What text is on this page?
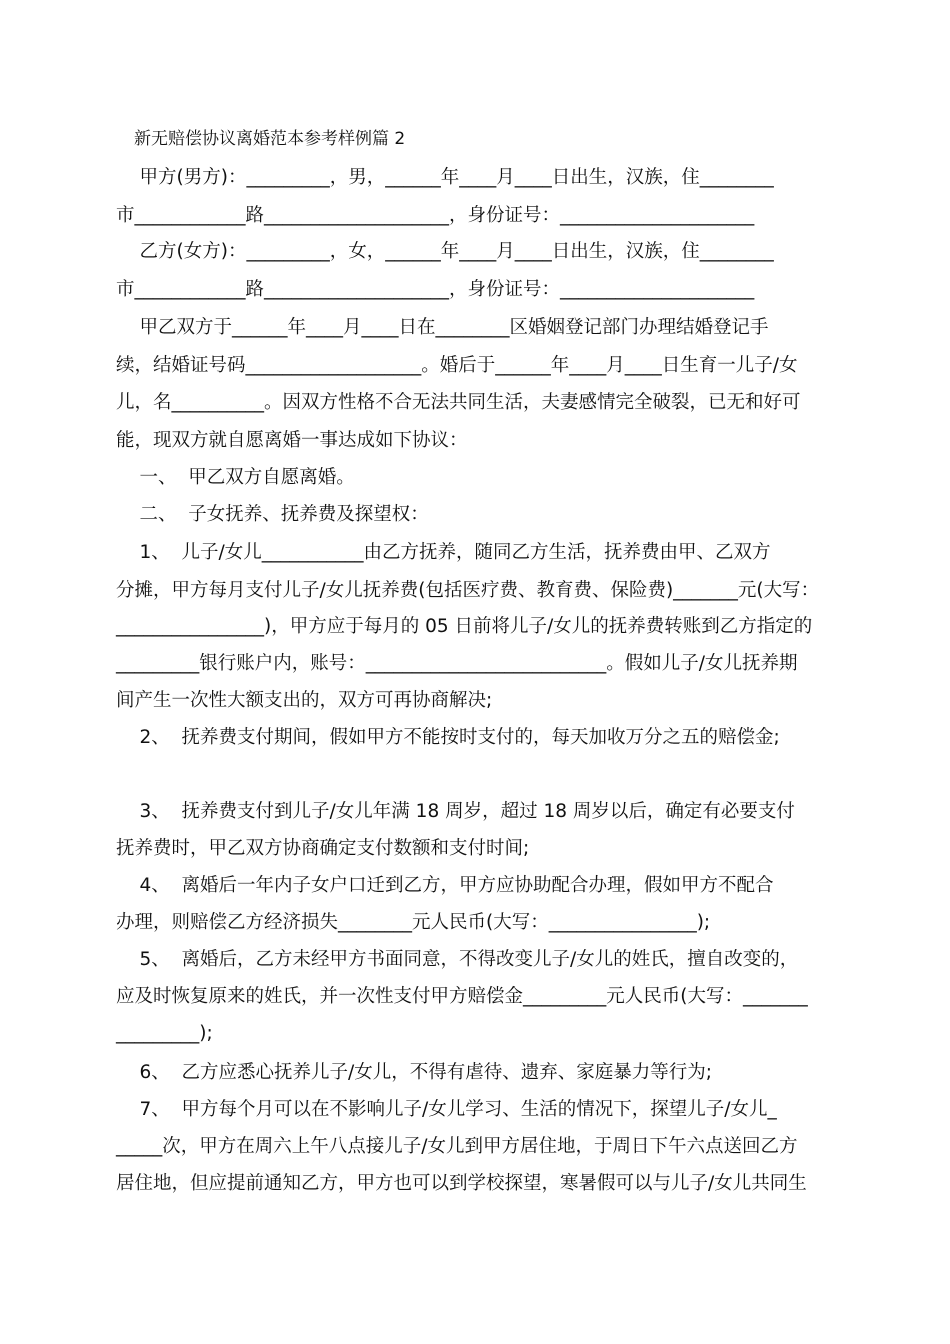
新无赔偿协议离婚范本参考样例篇 2
甲方(男方)：_________，男，______年____月____日出生，汉族，住________
市____________路____________________，身份证号：_____________________
乙方(女方)：_________，女，______年____月____日出生，汉族，住________
市____________路____________________，身份证号：_____________________
甲乙双方于______年____月____日在________区婚姻登记部门办理结婚登记手
续，结婚证号码___________________。婚后于______年____月____日生育一儿子/女
儿，名__________。因双方性格不合无法共同生活，夫妻感情完全破裂，已无和好可
能，现双方就自愿离婚一事达成如下协议：
一、  甲乙双方自愿离婚。
二、  子女抚养、抚养费及探望权：
1、  儿子/女儿___________由乙方抚养，随同乙方生活，抚养费由甲、乙双方
分摊，甲方每月支付儿子/女儿抚养费(包括医疗费、教育费、保险费)_______元(大写：
________________)，甲方应于每月的 05 日前将儿子/女儿的抚养费转账到乙方指定的
_________银行账户内，账号：__________________________。假如儿子/女儿抚养期
间产生一次性大额支出的，双方可再协商解决;
2、  抚养费支付期间，假如甲方不能按时支付的，每天加收万分之五的赔偿金;
3、  抚养费支付到儿子/女儿年满 18 周岁，超过 18 周岁以后，确定有必要支付
抚养费时，甲乙双方协商确定支付数额和支付时间;
4、  离婚后一年内子女户口迁到乙方，甲方应协助配合办理，假如甲方不配合
办理，则赔偿乙方经济损失________元人民币(大写：________________);
5、  离婚后，乙方未经甲方书面同意，不得改变儿子/女儿的姓氏，擅自改变的，
应及时恢复原来的姓氏，并一次性支付甲方赔偿金_________元人民币(大写：_______
_________);
6、  乙方应悉心抚养儿子/女儿，不得有虐待、遗弃、家庭暴力等行为;
7、  甲方每个月可以在不影响儿子/女儿学习、生活的情况下，探望儿子/女儿_
_____次，甲方在周六上午八点接儿子/女儿到甲方居住地，于周日下午六点送回乙方
居住地，但应提前通知乙方，甲方也可以到学校探望，寒暑假可以与儿子/女儿共同生
